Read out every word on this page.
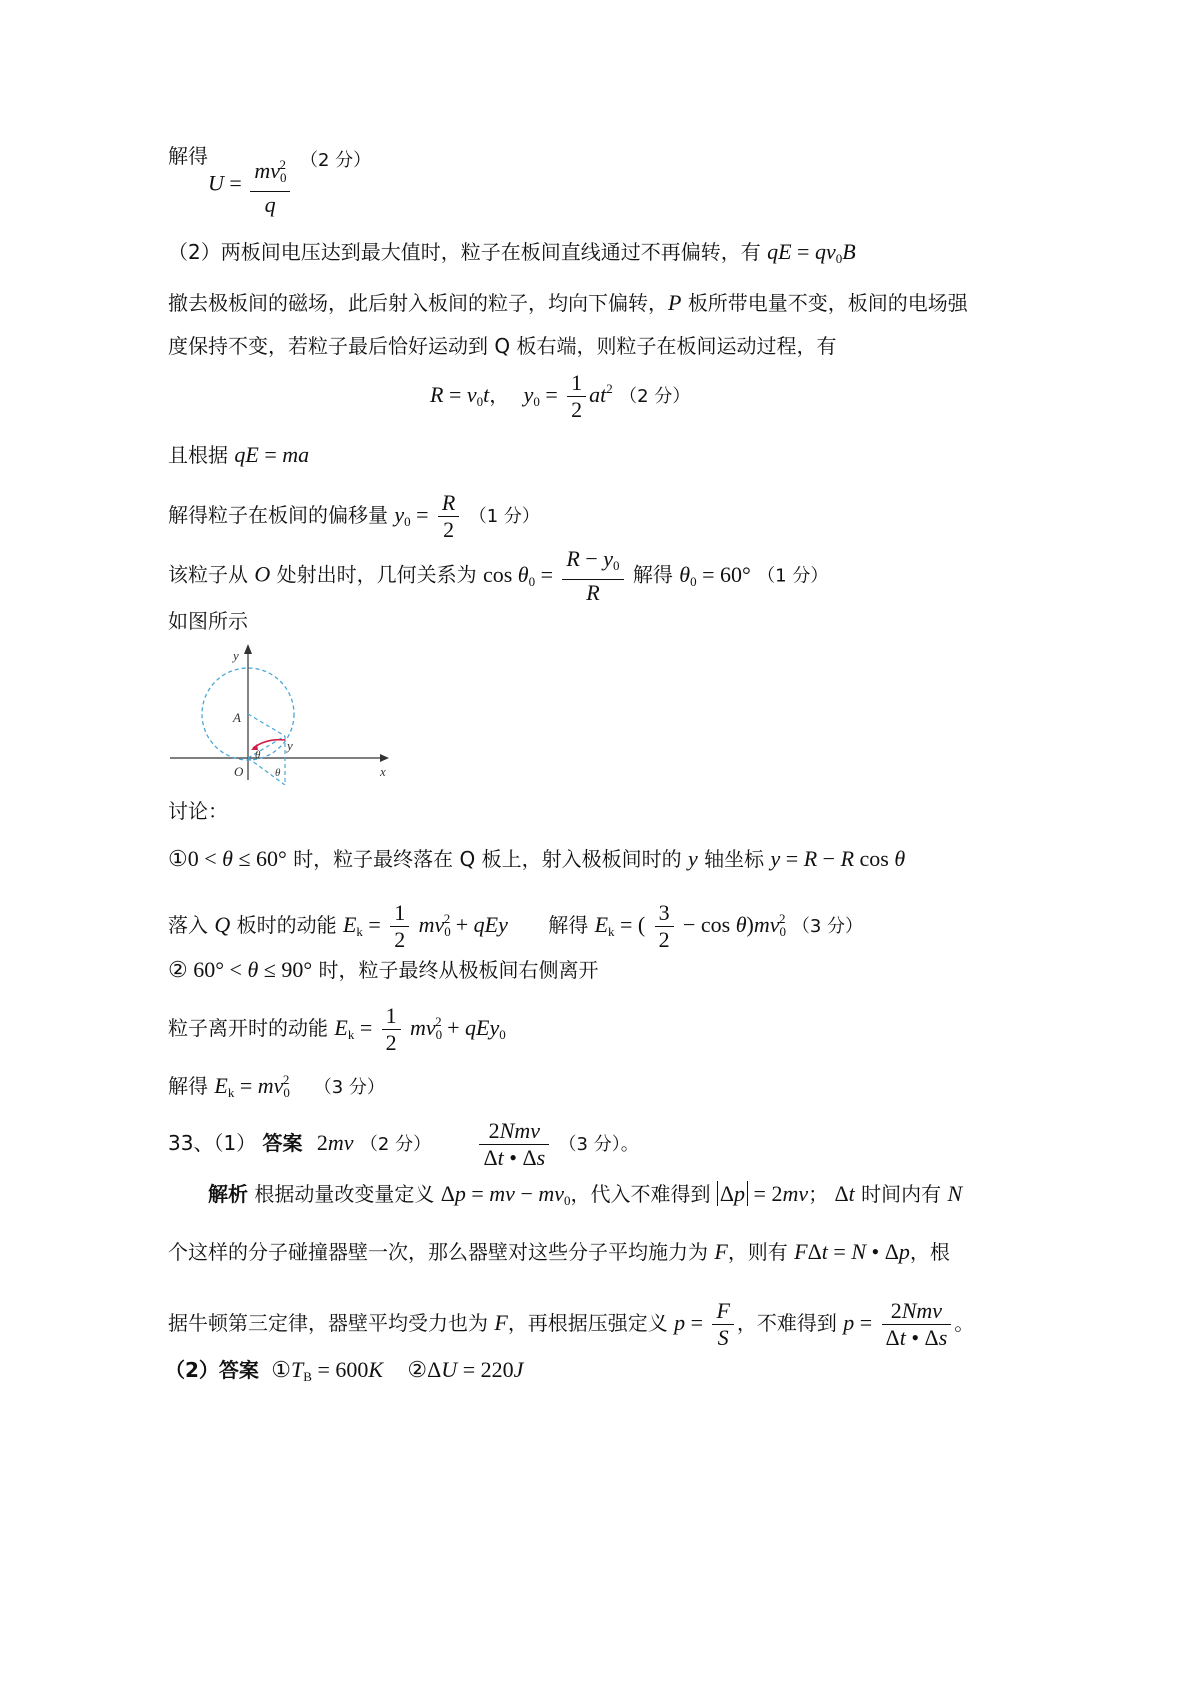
解得
$U = \frac{mv_0^2}{q} (2$ 分）
（2）两板间电压达到最大值时，粒子在板间直线通过不再偏转，有 qE = $qv_0B$
撤去极板间的磁场，此后射入板间的粒子，均向下偏转，P 板所带电量不变，板间的电场强
度保持不变，若粒子最后恰好运动到 Q 板右端，则粒子在板间运动过程，有
$R = v_0t$， $y_0 = \frac{1}{2} at^2$ （2 分）
且根据 qE = ma
解得粒子在板间的偏移量 $y_0 = \frac{R}{2} (1$ 分）
该粒子从 O 处射出时，几何关系为 $\cos \theta_0 = \frac{R - y_0}{R}$ 解得 $\theta_0 = 60^\circ$ （1 分）
如图所示
y
x
A
O
y
θ
θ
讨论：
①0 < θ ≤ 60° 时，粒子最终落在 Q 板上，射入极板间时的 y 轴坐标 y = R − R cos θ
落入 Q 板时的动能 $E_k = \frac{1}{2} mv_0^2$ + qEy 解得 $E_k$ = ( $\frac{3}{2} - \cos \theta)mv_0^2$ （3 分）
② 60° < θ ≤ 90° 时，粒子最终从极板间右侧离开
粒子离开时的动能 $E_k = \frac{1}{2} mv_0^2 + qEy_0$
解得 $E_k = mv_0^2$ （3 分）
33、（1） 答案 2mv （2 分） $\frac{\text{2Nmv}}{\Delta t • \Delta s} (3$ 分）。
解析 根据动量改变量定义 Δp = mv − $mv_0$，代入不难得到 Δp = 2mv； Δt 时间内有 N
个这样的分子碰撞器壁一次，那么器壁对这些分子平均施力为 F，则有 FΔt = N • Δp，根
据牛顿第三定律，器壁平均受力也为 F，再根据压强定义 $p = \frac{F}{S}$ ，不难得到 $p = \frac{\text{2Nmv}}{\Delta t • \Delta s}$ 。
（2）答案 $①T_B = 600K$ ②ΔU = 220J
